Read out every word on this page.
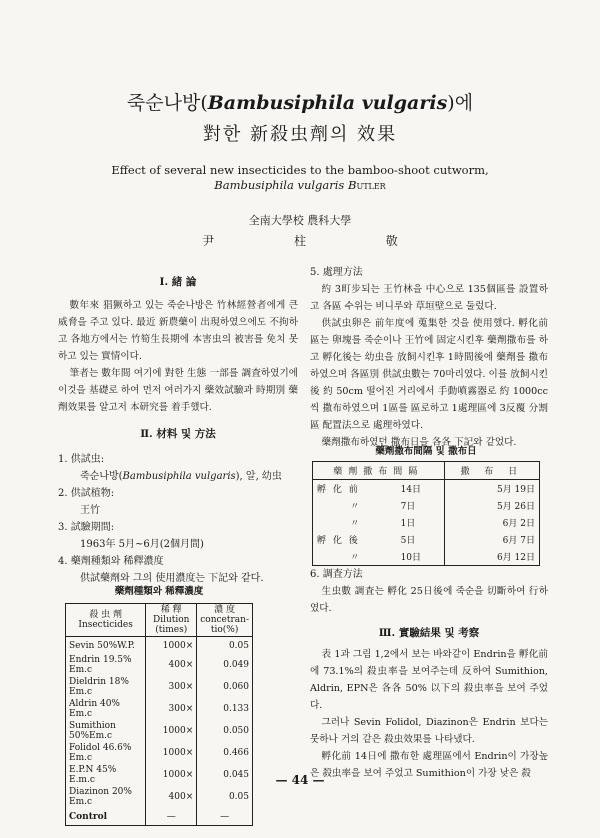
죽순나방(Bambusiphila vulgaris)에
對한 新殺虫劑의 效果
Effect of several new insecticides to the bamboo-shoot cutworm,
Bambusiphila vulgaris BUTLER
全南大學校 農科大學
尹 柱 敬
Ⅰ. 緒 論

數年來 猖獗하고 있는 죽순나방은 竹林經營者에게 큰 威脅을 주고 있다. 最近 新農藥이 出現하였으에도 不拘하고 各地方에서는 竹筍生長期에 本害虫의 被害를 免치 못하고 있는 實情이다.

筆者는 數年間 여기에 對한 生態 一部를 調査하였기에 이것을 基礎로 하여 먼저 여러가지 藥效試驗과 時期別 藥劑效果를 알고저 本研究를 着手했다.

Ⅱ. 材料 및 方法
1. 供試虫:
죽순나방(Bambusiphila vulgaris), 알, 幼虫
2. 供試植物:
王竹
3. 試驗期間:
1963年 5月~6月(2個月間)
4. 藥劑種類와 稀釋濃度
供試藥劑와 그의 使用濃度는 下記와 같다.
藥劑種類와 稀釋濃度
殺 虫 劑
Insecticides	稀 釋
Dilution
(times)	濃 度
concetran-
tio(%)
Sevin 50%W.P.	1000×	0.05
Endrin 19.5% Em.c	400×	0.049
Dieldrin 18% Em.c	300×	0.060
Aldrin 40% Em.c	300×	0.133
Sumithion 50%Em.c	1000×	0.050
Folidol 46.6% Em.c	1000×	0.466
E.P.N 45% E.m.c	1000×	0.045
Diazinon 20% Em.c	400×	0.05
Control	—	—
5. 處理方法

約 3町步되는 王竹林을 中心으로 135個區를 設置하고 各區 수위는 비니루와 草垣壁으로 둘렀다.

供試虫卵은 前年度에 蒐集한 것을 使用했다. 孵化前區는 卵塊를 죽순이나 王竹에 固定시킨후 藥劑撒布를 하고 孵化後는 幼虫을 放飼시킨후 1時間後에 藥劑를 撒布하였으며 各區別 供試虫數는 70마리였다. 이를 放飼시킨後 約 50cm 떨어진 거리에서 手動噴霧器로 約 1000cc씩 撒布하였으며 1區를 區로하고 1處理區에 3反覆 分割區 配置法으로 處理하였다.

藥劑撒布하였던 撒布日을 各各 下記와 같었다.

藥劑撒布間隔 및 撒布日
藥劑撒布間隔		撒 布 日
孵 化 前	14日	5月 19日
〃	7日	5月 26日
〃	1日	6月 2日
孵 化 後	5日	6月 7日
〃	10日	6月 12日
6. 調査方法

生虫數 調査는 孵化 25日後에 죽순을 切斷하여 行하였다.

Ⅲ. 實驗結果 및 考察

表 1과 그림 1,2에서 보는 바와같이 Endrin을 孵化前에 73.1%의 殺虫率을 보여주는데 反하여 Sumithion, Aldrin, EPN은 各各 50% 以下의 殺虫率을 보여 주었다.

그러나 Sevin Folidol, Diazinon은 Endrin 보다는 뭇하나 거의 같은 殺虫效果를 나타냈다.

孵化前 14日에 撒布한 處理區에서 Endrin이 가장높은 殺虫率을 보여 주었고 Sumithion이 가장 낮은 殺

— 44 —
